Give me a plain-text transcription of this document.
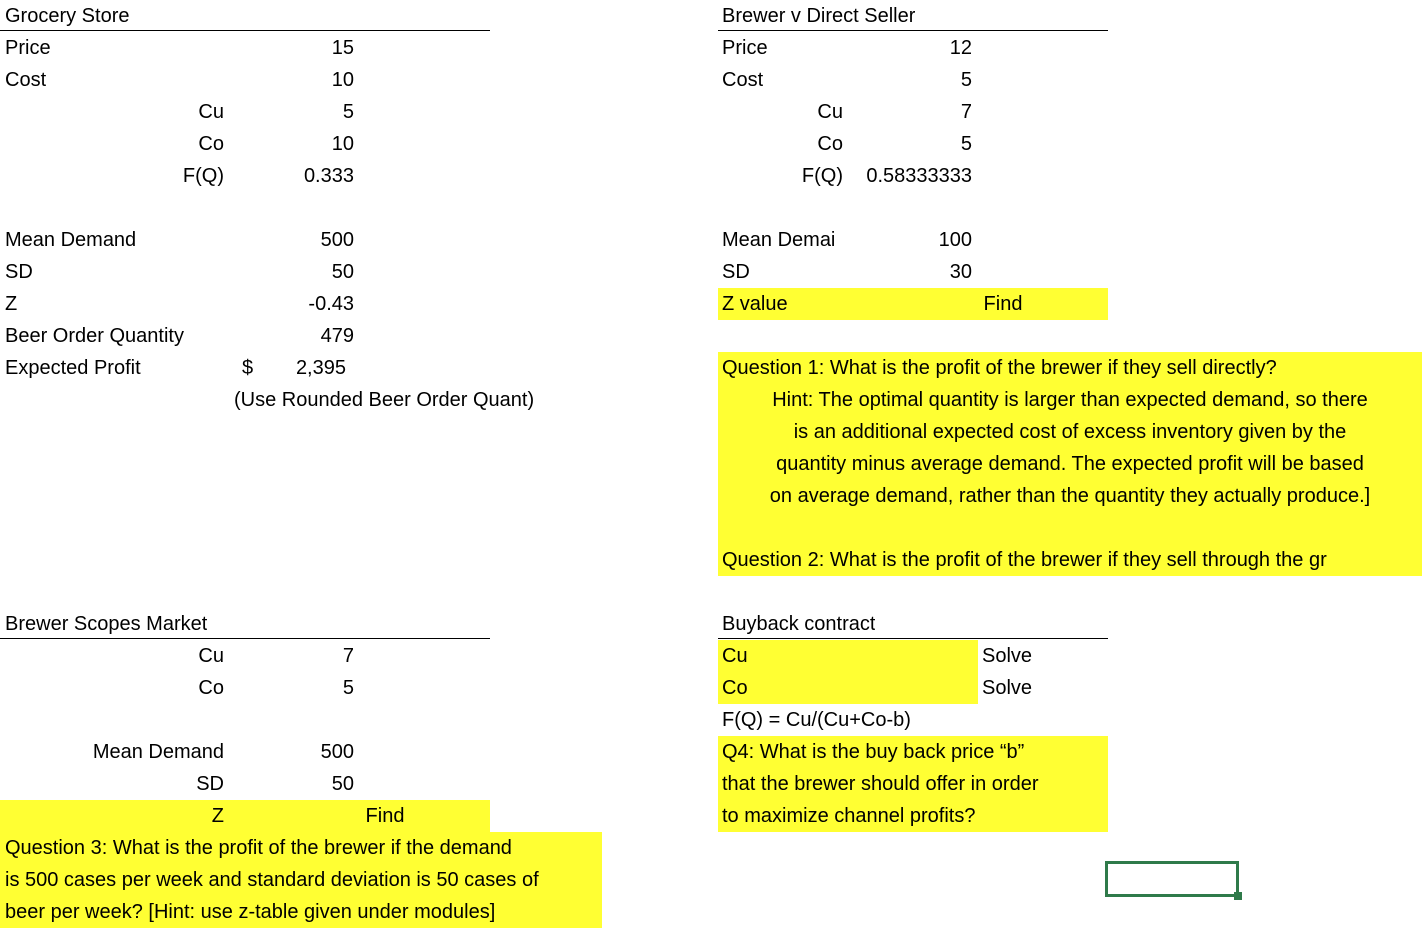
Grocery Store
Price	15
Cost	10
Cu	5
Co	10
F(Q)	0.333
Mean Demand	500
SD	50
Z	-0.43
Beer Order Quantity	479
Expected Profit	$	2,395
(Use Rounded Beer Order Quant)
Brewer v Direct Seller
Price	12
Cost	5
Cu	7
Co	5
F(Q)	0.58333333
Mean Demai	100
SD	30
Z value	Find
Question 1: What is the profit of the brewer if they sell directly?
Hint: The optimal quantity is larger than expected demand, so there
is an additional expected cost of excess inventory given by the
quantity minus average demand. The expected profit will be based
on average demand, rather than the quantity they actually produce.]
Question 2: What is the profit of the brewer if they sell through the gr
Brewer Scopes Market
Cu	7
Co	5
Mean Demand	500
SD	50
Z	Find
Question 3: What is the profit of the brewer if the demand
is 500 cases per week and standard deviation is 50 cases of
beer per week? [Hint: use z-table given under modules]
Buyback contract
Cu	Solve
Co	Solve
F(Q) = Cu/(Cu+Co-b)
Q4: What is the buy back price “b”
that the brewer should offer in order
to maximize channel profits?
